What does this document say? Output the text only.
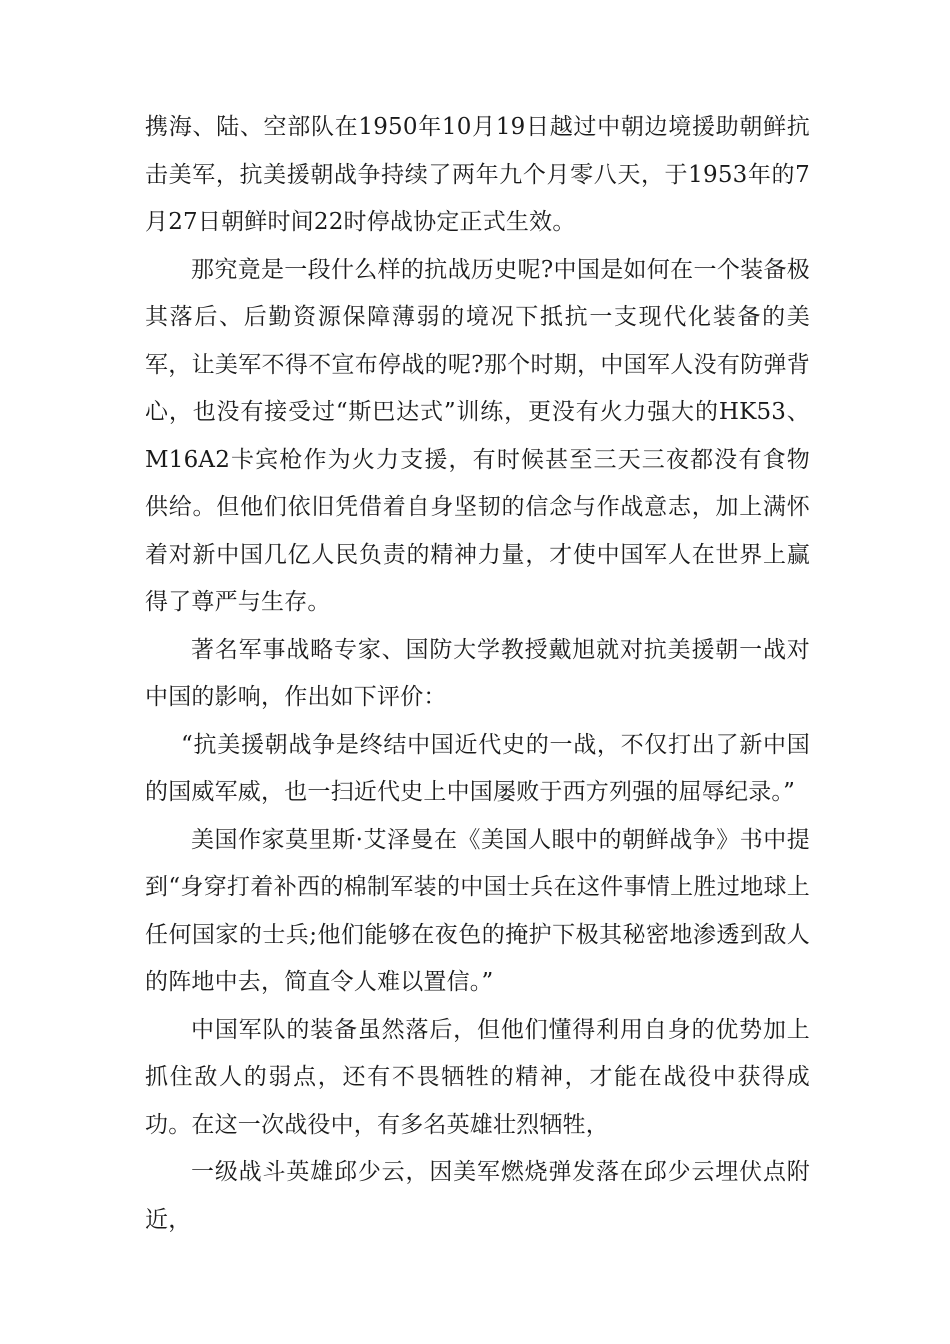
携海、陆、空部队在1950年10月19日越过中朝边境援助朝鲜抗击美军，抗美援朝战争持续了两年九个月零八天，于1953年的7月27日朝鲜时间22时停战协定正式生效。

那究竟是一段什么样的抗战历史呢?中国是如何在一个装备极其落后、后勤资源保障薄弱的境况下抵抗一支现代化装备的美军，让美军不得不宣布停战的呢?那个时期，中国军人没有防弹背心，也没有接受过“斯巴达式”训练，更没有火力强大的HK53、M16A2卡宾枪作为火力支援，有时候甚至三天三夜都没有食物供给。但他们依旧凭借着自身坚韧的信念与作战意志，加上满怀着对新中国几亿人民负责的精神力量，才使中国军人在世界上赢得了尊严与生存。

著名军事战略专家、国防大学教授戴旭就对抗美援朝一战对中国的影响，作出如下评价：

“抗美援朝战争是终结中国近代史的一战，不仅打出了新中国的国威军威，也一扫近代史上中国屡败于西方列强的屈辱纪录。”

美国作家莫里斯·艾泽曼在《美国人眼中的朝鲜战争》书中提到“身穿打着补西的棉制军装的中国士兵在这件事情上胜过地球上任何国家的士兵;他们能够在夜色的掩护下极其秘密地渗透到敌人的阵地中去，简直令人难以置信。”

中国军队的装备虽然落后，但他们懂得利用自身的优势加上抓住敌人的弱点，还有不畏牺牲的精神，才能在战役中获得成功。在这一次战役中，有多名英雄壮烈牺牲，

一级战斗英雄邱少云，因美军燃烧弹发落在邱少云埋伏点附近，
